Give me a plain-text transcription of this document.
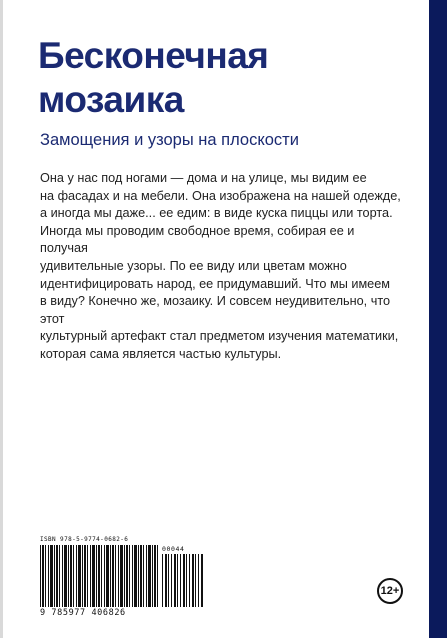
Бесконечная
мозаика

Замощения и узоры на плоскости

Она у нас под ногами — дома и на улице, мы видим ее
на фасадах и на мебели. Она изображена на нашей одежде,
а иногда мы даже... ее едим: в виде куска пиццы или торта.
Иногда мы проводим свободное время, собирая ее и получая
удивительные узоры. По ее виду или цветам можно
идентифицировать народ, ее придумавший. Что мы имеем
в виду? Конечно же, мозаику. И совсем неудивительно, что этот
культурный артефакт стал предметом изучения математики,
которая сама является частью культуры.

ISBN 978-5-9774-0682-6
00044
9 785977 406826
12+
